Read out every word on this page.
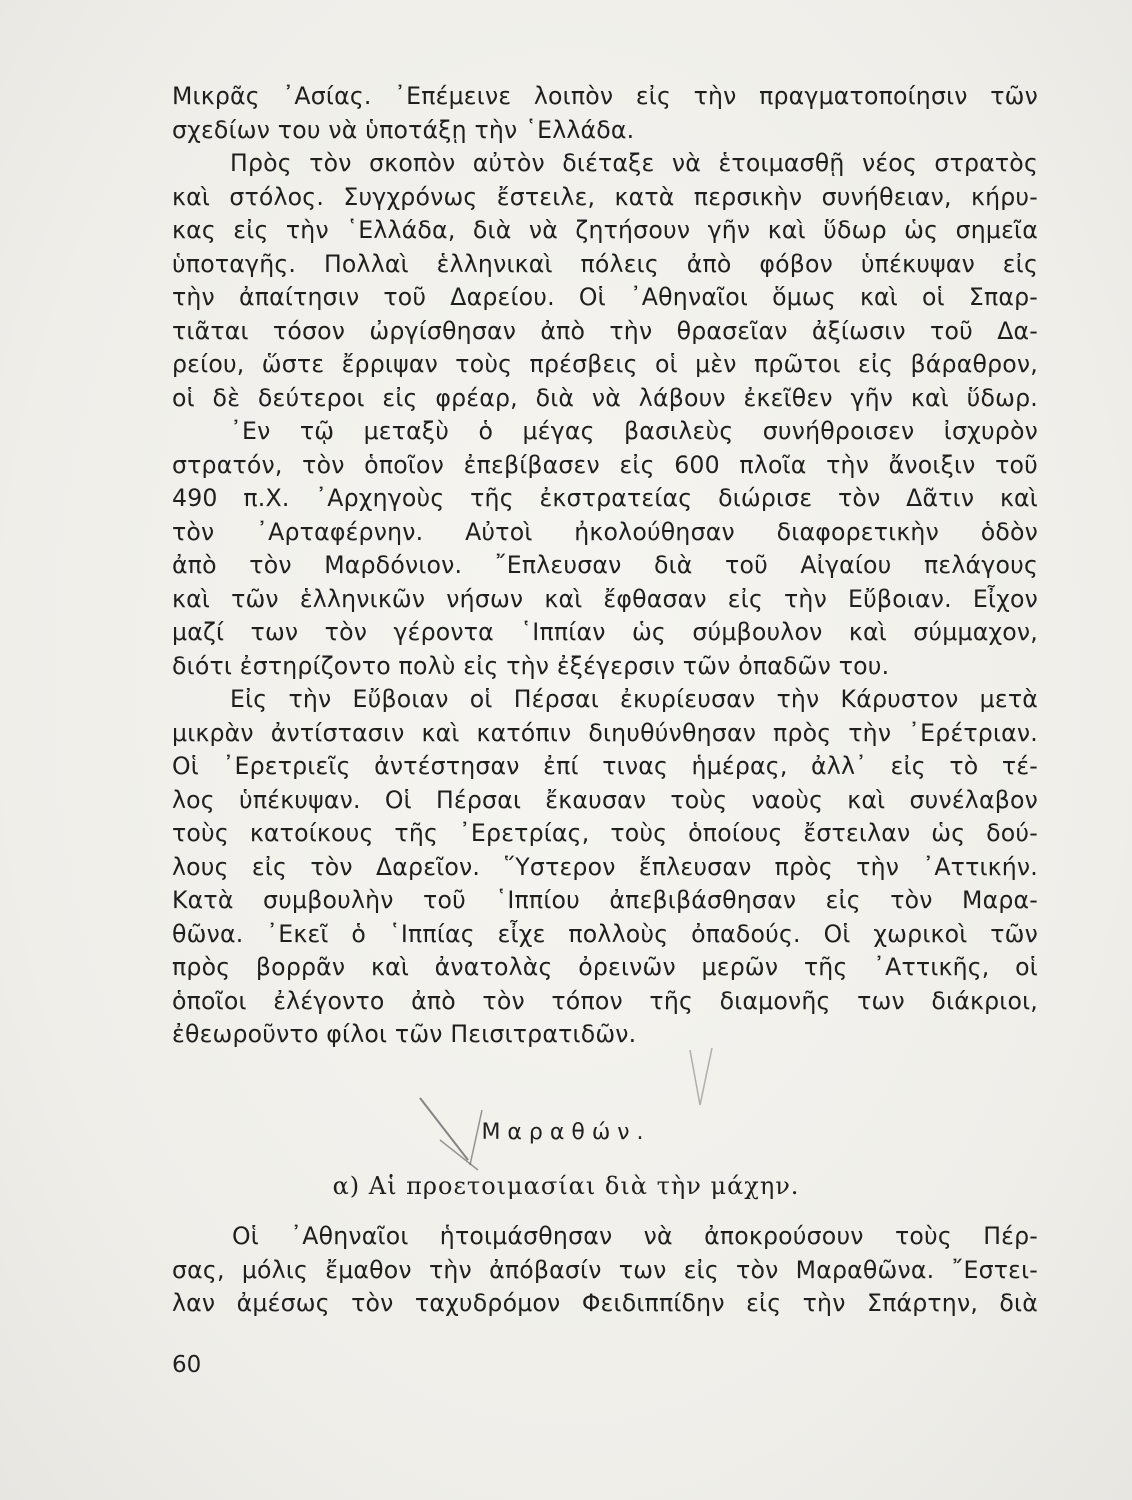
Μικρᾶς ᾿Ασίας. ᾿Επέμεινε λοιπὸν εἰς τὴν πραγματοποίησιν τῶν
σχεδίων του νὰ ὑποτάξῃ τὴν ῾Ελλάδα.
Πρὸς τὸν σκοπὸν αὐτὸν διέταξε νὰ ἑτοιμασθῇ νέος στρατὸς
καὶ στόλος. Συγχρόνως ἔστειλε, κατὰ περσικὴν συνήθειαν, κήρυ-
κας εἰς τὴν ῾Ελλάδα, διὰ νὰ ζητήσουν γῆν καὶ ὕδωρ ὡς σημεῖα
ὑποταγῆς. Πολλαὶ ἑλληνικαὶ πόλεις ἀπὸ φόβον ὑπέκυψαν εἰς
τὴν ἀπαίτησιν τοῦ Δαρείου. Οἱ ᾿Αθηναῖοι ὅμως καὶ οἱ Σπαρ-
τιᾶται τόσον ὠργίσθησαν ἀπὸ τὴν θρασεῖαν ἀξίωσιν τοῦ Δα-
ρείου, ὥστε ἔρριψαν τοὺς πρέσβεις οἱ μὲν πρῶτοι εἰς βάραθρον,
οἱ δὲ δεύτεροι εἰς φρέαρ, διὰ νὰ λάβουν ἐκεῖθεν γῆν καὶ ὕδωρ.
᾿Εν τῷ μεταξὺ ὁ μέγας βασιλεὺς συνήθροισεν ἰσχυρὸν
στρατόν, τὸν ὁποῖον ἐπεβίβασεν εἰς 600 πλοῖα τὴν ἄνοιξιν τοῦ
490 π.Χ. ᾿Αρχηγοὺς τῆς ἐκστρατείας διώρισε τὸν Δᾶτιν καὶ
τὸν ᾿Αρταφέρνην. Αὐτοὶ ἠκολούθησαν διαφορετικὴν ὁδὸν
ἀπὸ τὸν Μαρδόνιον. ῎Επλευσαν διὰ τοῦ Αἰγαίου πελάγους
καὶ τῶν ἑλληνικῶν νήσων καὶ ἔφθασαν εἰς τὴν Εὔβοιαν. Εἶχον
μαζί των τὸν γέροντα ῾Ιππίαν ὡς σύμβουλον καὶ σύμμαχον,
διότι ἐστηρίζοντο πολὺ εἰς τὴν ἐξέγερσιν τῶν ὀπαδῶν του.
Εἰς τὴν Εὔβοιαν οἱ Πέρσαι ἐκυρίευσαν τὴν Κάρυστον μετὰ
μικρὰν ἀντίστασιν καὶ κατόπιν διηυθύνθησαν πρὸς τὴν ᾿Ερέτριαν.
Οἱ ᾿Ερετριεῖς ἀντέστησαν ἐπί τινας ἡμέρας, ἀλλ᾿ εἰς τὸ τέ-
λος ὑπέκυψαν. Οἱ Πέρσαι ἔκαυσαν τοὺς ναοὺς καὶ συνέλαβον
τοὺς κατοίκους τῆς ᾿Ερετρίας, τοὺς ὁποίους ἔστειλαν ὡς δού-
λους εἰς τὸν Δαρεῖον. ῞Υστερον ἔπλευσαν πρὸς τὴν ᾿Αττικήν.
Κατὰ συμβουλὴν τοῦ ῾Ιππίου ἀπεβιβάσθησαν εἰς τὸν Μαρα-
θῶνα. ᾿Εκεῖ ὁ ῾Ιππίας εἶχε πολλοὺς ὀπαδούς. Οἱ χωρικοὶ τῶν
πρὸς βορρᾶν καὶ ἀνατολὰς ὀρεινῶν μερῶν τῆς ᾿Αττικῆς, οἱ
ὁποῖοι ἐλέγοντο ἀπὸ τὸν τόπον τῆς διαμονῆς των διάκριοι,
ἐθεωροῦντο φίλοι τῶν Πεισιτρατιδῶν.
Μαραθών.
α) Αἱ προετοιμασίαι διὰ τὴν μάχην.
Οἱ ᾿Αθηναῖοι ἡτοιμάσθησαν νὰ ἀποκρούσουν τοὺς Πέρ-
σας, μόλις ἔμαθον τὴν ἀπόβασίν των εἰς τὸν Μαραθῶνα. ῎Εστει-
λαν ἀμέσως τὸν ταχυδρόμον Φειδιππίδην εἰς τὴν Σπάρτην, διὰ
60
